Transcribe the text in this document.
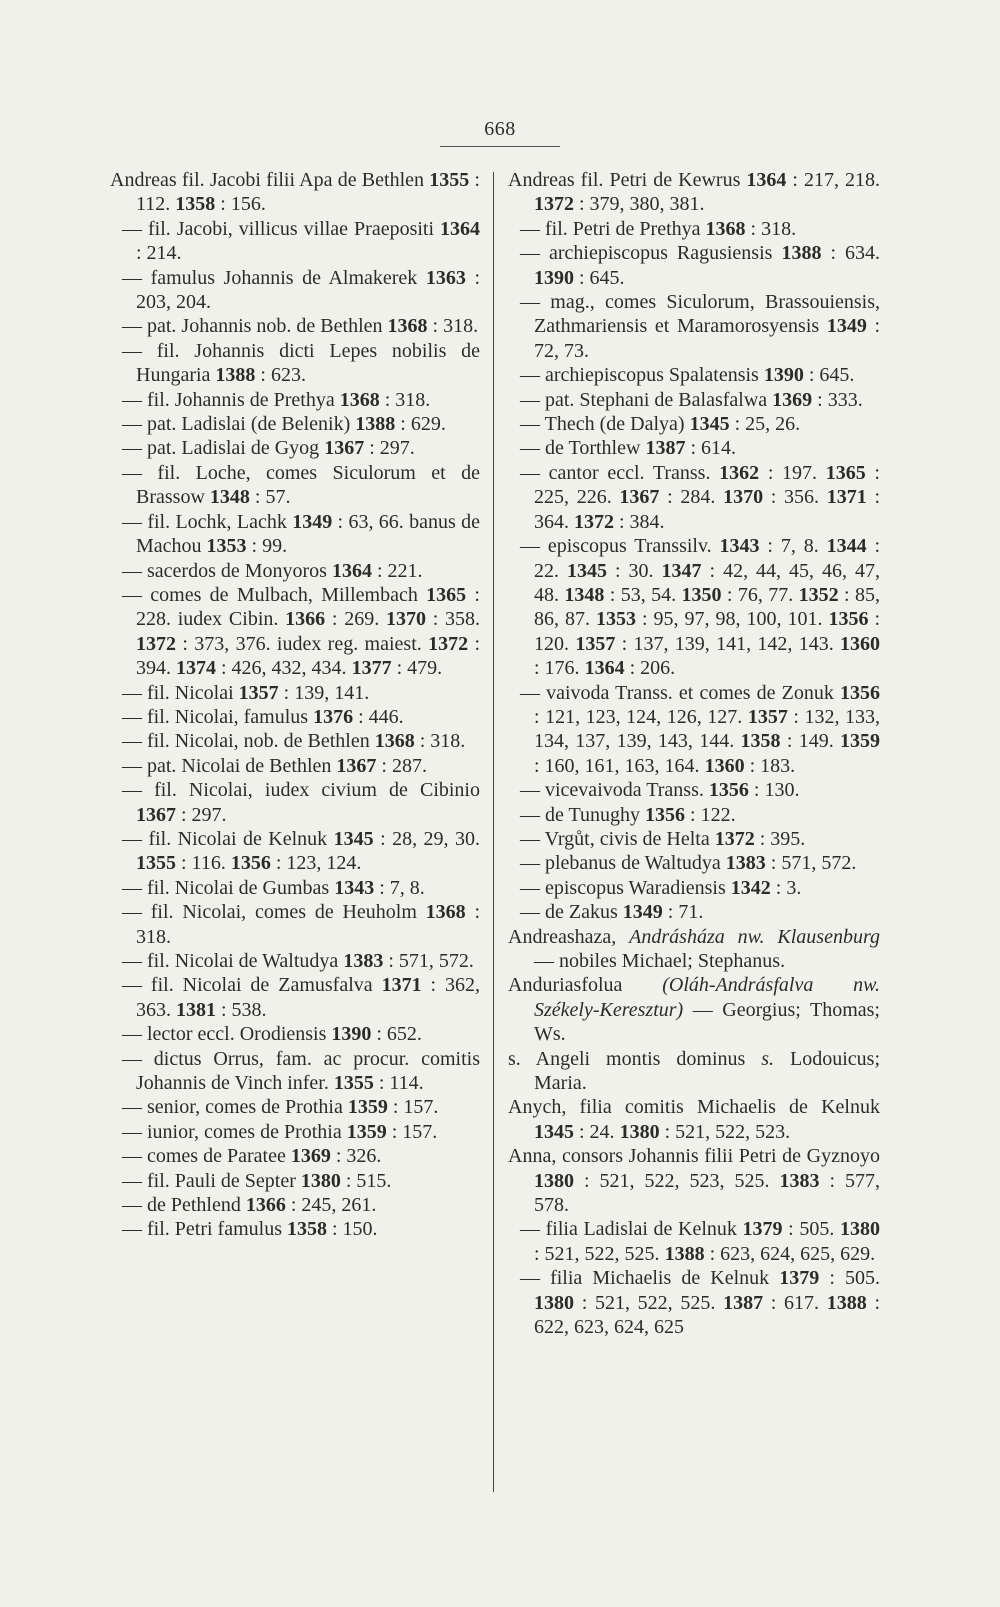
668

Andreas fil. Jacobi filii Apa de Bethlen 1355 : 112. 1358 : 156.

— fil. Jacobi, villicus villae Praepositi 1364 : 214.

— famulus Johannis de Almakerek 1363 : 203, 204.

— pat. Johannis nob. de Bethlen 1368 : 318.

— fil. Johannis dicti Lepes nobilis de Hungaria 1388 : 623.

— fil. Johannis de Prethya 1368 : 318.

— pat. Ladislai (de Belenik) 1388 : 629.

— pat. Ladislai de Gyog 1367 : 297.

— fil. Loche, comes Siculorum et de Brassow 1348 : 57.

— fil. Lochk, Lachk 1349 : 63, 66. banus de Machou 1353 : 99.

— sacerdos de Monyoros 1364 : 221.

— comes de Mulbach, Millembach 1365 : 228. iudex Cibin. 1366 : 269. 1370 : 358. 1372 : 373, 376. iudex reg. maiest. 1372 : 394. 1374 : 426, 432, 434. 1377 : 479.

— fil. Nicolai 1357 : 139, 141.

— fil. Nicolai, famulus 1376 : 446.

— fil. Nicolai, nob. de Bethlen 1368 : 318.

— pat. Nicolai de Bethlen 1367 : 287.

— fil. Nicolai, iudex civium de Cibinio 1367 : 297.

— fil. Nicolai de Kelnuk 1345 : 28, 29, 30. 1355 : 116. 1356 : 123, 124.

— fil. Nicolai de Gumbas 1343 : 7, 8.

— fil. Nicolai, comes de Heuholm 1368 : 318.

— fil. Nicolai de Waltudya 1383 : 571, 572.

— fil. Nicolai de Zamusfalva 1371 : 362, 363. 1381 : 538.

— lector eccl. Orodiensis 1390 : 652.

— dictus Orrus, fam. ac procur. comitis Johannis de Vinch infer. 1355 : 114.

— senior, comes de Prothia 1359 : 157.

— iunior, comes de Prothia 1359 : 157.

— comes de Paratee 1369 : 326.

— fil. Pauli de Septer 1380 : 515.

— de Pethlend 1366 : 245, 261.

— fil. Petri famulus 1358 : 150.

Andreas fil. Petri de Kewrus 1364 : 217, 218. 1372 : 379, 380, 381.

— fil. Petri de Prethya 1368 : 318.

— archiepiscopus Ragusiensis 1388 : 634. 1390 : 645.

— mag., comes Siculorum, Brassouiensis, Zathmariensis et Maramorosyensis 1349 : 72, 73.

— archiepiscopus Spalatensis 1390 : 645.

— pat. Stephani de Balasfalwa 1369 : 333.

— Thech (de Dalya) 1345 : 25, 26.

— de Torthlew 1387 : 614.

— cantor eccl. Transs. 1362 : 197. 1365 : 225, 226. 1367 : 284. 1370 : 356. 1371 : 364. 1372 : 384.

— episcopus Transsilv. 1343 : 7, 8. 1344 : 22. 1345 : 30. 1347 : 42, 44, 45, 46, 47, 48. 1348 : 53, 54. 1350 : 76, 77. 1352 : 85, 86, 87. 1353 : 95, 97, 98, 100, 101. 1356 : 120. 1357 : 137, 139, 141, 142, 143. 1360 : 176. 1364 : 206.

— vaivoda Transs. et comes de Zonuk 1356 : 121, 123, 124, 126, 127. 1357 : 132, 133, 134, 137, 139, 143, 144. 1358 : 149. 1359 : 160, 161, 163, 164. 1360 : 183.

— vicevaivoda Transs. 1356 : 130.

— de Tunughy 1356 : 122.

— Vrgůt, civis de Helta 1372 : 395.

— plebanus de Waltudya 1383 : 571, 572.

— episcopus Waradiensis 1342 : 3.

— de Zakus 1349 : 71.

Andreashaza, Andrásháza nw. Klausenburg — nobiles Michael; Stephanus.

Anduriasfolua (Oláh-Andrásfalva nw. Székely-Keresztur) — Georgius; Thomas; Ws.

s. Angeli montis dominus s. Lodouicus; Maria.

Anych, filia comitis Michaelis de Kelnuk 1345 : 24. 1380 : 521, 522, 523.

Anna, consors Johannis filii Petri de Gyznoyo 1380 : 521, 522, 523, 525. 1383 : 577, 578.

— filia Ladislai de Kelnuk 1379 : 505. 1380 : 521, 522, 525. 1388 : 623, 624, 625, 629.

— filia Michaelis de Kelnuk 1379 : 505. 1380 : 521, 522, 525. 1387 : 617. 1388 : 622, 623, 624, 625
